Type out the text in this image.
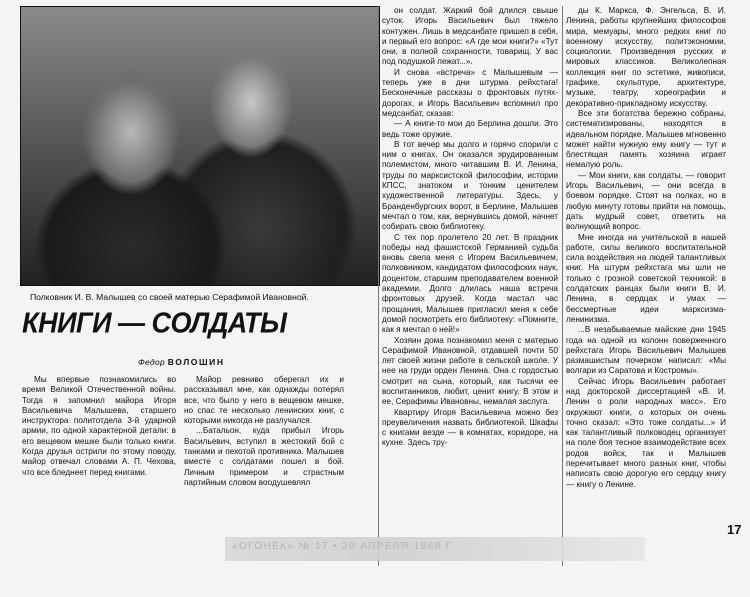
Полковник И. В. Малышев со своей матерью Серафимой Ивановной.
КНИГИ — СОЛДАТЫ
Федор ВОЛОШИН

Мы впервые познакомились во время Великой Отечественной войны. Тогда я запомнил майора Игоря Васильевича Малышева, старшего инструктора политотдела 3-й ударной армии, по одной характерной детали: в его вещевом мешке были только книги. Когда друзья острили по этому поводу, майор отвечал словами А. П. Чехова, что все бледнеет перед книгами.

Майор ревниво оберегал их и рассказывал мне, как однажды потерял все, что было у него в вещевом мешке, но спас те несколько ленинских книг, с которыми никогда не разлучался.

...Батальон, куда прибыл Игорь Васильевич, вступил в жестокий бой с танками и пехотой противника. Малышев вместе с солдатами пошел в бой. Личным примером и страстным партийным словом воодушевлял

он солдат. Жаркий бой длился свыше суток. Игорь Васильевич был тяжело контужен. Лишь в медсанбате пришел в себя, и первый его вопрос: «А где мои книги?» «Тут они, в полной сохранности, товарищ. У вас под подушкой лежат...».

И снова «встреча» с Малышевым — теперь уже в дни штурма рейхстага! Бесконечные рассказы о фронтовых путях-дорогах, и Игорь Васильевич вспомнил про медсанбат, сказав:

— А книги-то мои до Берлина дошли. Это ведь тоже оружие.

В тот вечер мы долго и горячо спорили с ним о книгах. Он оказался эрудированным полемистом, много читавшим В. И. Ленина, труды по марксистской философии, истории КПСС, знатоком и тонким ценителем художественной литературы. Здесь, у Бранденбургских ворот, в Берлине, Малышев мечтал о том, как, вернувшись домой, начнет собирать свою библиотеку.

С тех пор пролетело 20 лет. В праздник победы над фашистской Германией судьба вновь свела меня с Игорем Васильевичем, полковником, кандидатом философских наук, доцентом, старшим преподавателем военной академии. Долго длилась наша встреча фронтовых друзей. Когда мастал час прощания, Малышев пригласил меня к себе домой посмотреть его библиотеку: «Помните, как я мечтал о ней!»

Хозяин дома познакомил меня с матерью Серафимой Ивановной, отдавшей почти 50 лет своей жизни работе в сельской школе. У нее на груди орден Ленина. Она с гордостью смотрит на сына, который, как тысячи ее воспитанников, любит, ценит книгу. В этом и ее, Серафимы Ивановны, немалая заслуга.

Квартиру Игоря Васильевича можно без преувеличения назвать библиотекой. Шкафы с книгами везде — в комнатах, коридоре, на кухне. Здесь тру-

ды К. Маркса, Ф. Энгельса, В. И. Ленина, работы крупнейших философов мира, мемуары, много редких книг по военному искусству, политэкономии, социологии. Произведения русских и мировых классиков. Великолепная коллекция книг по эстетике, живописи, графике, скульптуре, архитектуре, музыке, театру, хореографии и декоративно-прикладному искусству.

Все эти богатства бережно собраны, систематизированы, находятся в идеальном порядке. Малышев мгновенно может найти нужную ему книгу — тут и блестящая память хозяина играет немалую роль.

— Мои книги, как солдаты, — говорит Игорь Васильевич, — они всегда в боевом порядке. Стоят на полках, но в любую минуту готовы прийти на помощь, дать мудрый совет, ответить на волнующий вопрос.

Мне иногда на учительской в нашей работе, силы великого воспитательной сила воздействия на людей талантливых книг. На штурм рейхстага мы шли не только с грозной советской техникой: в солдатских ранцах были книги В. И. Ленина, в сердцах и умах — бессмертные идеи марксизма-ленинизма.

...В незабываемые майские дни 1945 года на одной из колонн поверженного рейхстага Игорь Васильевич Малышев размашистым почерком написал: «Мы волгари из Саратова и Костромы».

Сейчас Игорь Васильевич работает над докторской диссертацией «В. И. Ленин о роли народных масс». Его окружают книги, о которых он очень точно сказал: «Это тоже солдаты...» И как талантливый полководец организует на поле боя тесное взаимодействие всех родов войск, так и Малышев перечитывает много разных книг, чтобы написать свою дорогую его сердцу книгу — книгу о Ленине.

«ОГОНЁК» № 17 • 20 АПРЕЛЯ 1968 Г.
17
